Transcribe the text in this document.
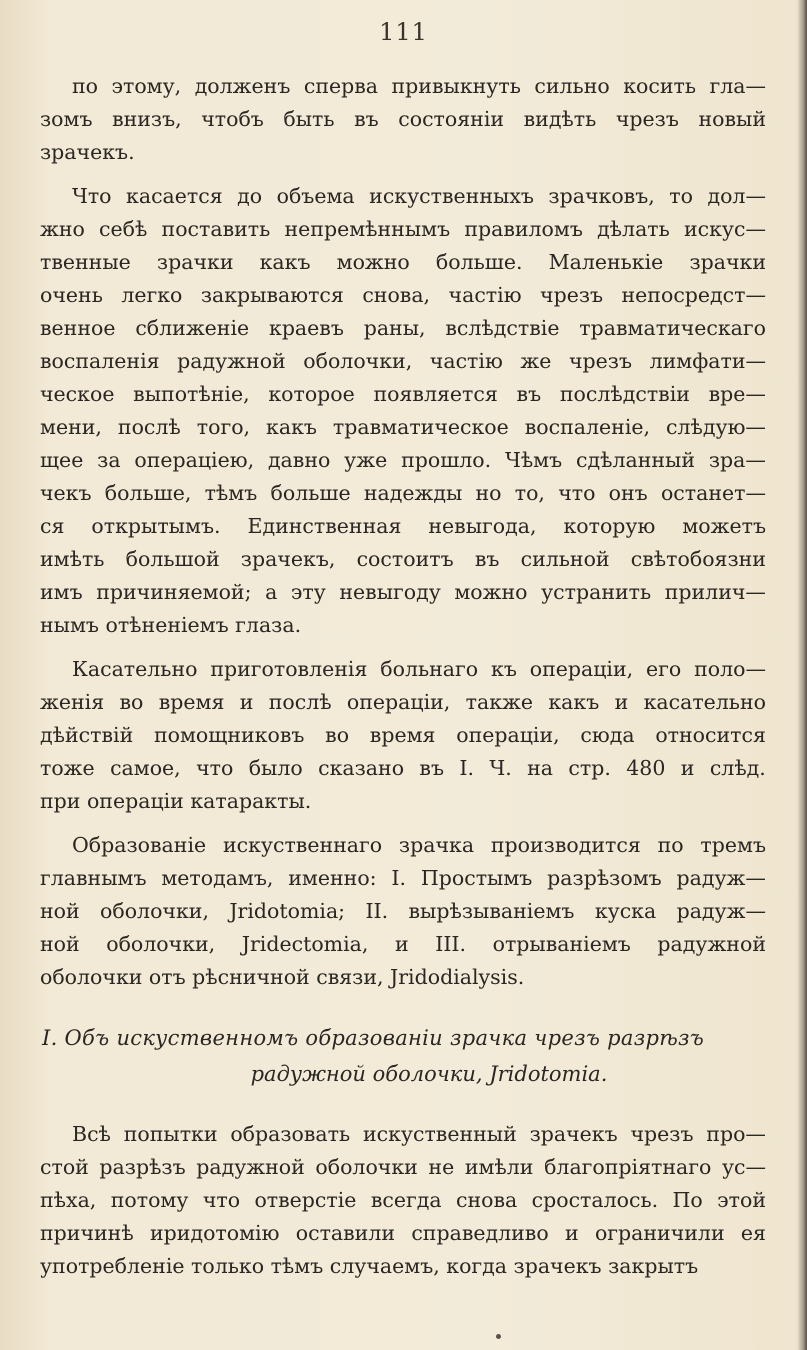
111
по этому, долженъ сперва привыкнуть сильно косить гла—
зомъ внизъ, чтобъ быть въ состоянiи видѣть чрезъ новый
зрачекъ.
Что касается до объема искуственныхъ зрачковъ, то дол—
жно себѣ поставить непремѣннымъ правиломъ дѣлать искус—
твенные зрачки какъ можно больше. Маленькiе зрачки
очень легко закрываются снова, частiю чрезъ непосредст—
венное сближенiе краевъ раны, вслѣдствiе травматическаго
воспаленiя радужной оболочки, частiю же чрезъ лимфати—
ческое выпотѣнiе, которое появляется въ послѣдствiи вре—
мени, послѣ того, какъ травматическое воспаленiе, слѣдую—
щее за операцiею, давно уже прошло. Чѣмъ сдѣланный зра—
чекъ больше, тѣмъ больше надежды но то, что онъ останет—
ся открытымъ. Единственная невыгода, которую можетъ
имѣть большой зрачекъ, состоитъ въ сильной свѣтобоязни
имъ причиняемой; а эту невыгоду можно устранить прилич—
нымъ отѣненiемъ глаза.
Касательно приготовленiя больнаго къ операцiи, его поло—
женiя во время и послѣ операцiи, также какъ и касательно
дѣйствiй помощниковъ во время операцiи, сюда относится
тоже самое, что было сказано въ I. Ч. на стр. 480 и слѣд.
при операцiи катаракты.
Образованiе искуственнаго зрачка производится по тремъ
главнымъ методамъ, именно: I. Простымъ разрѣзомъ радуж—
ной оболочки, Jridotomia; II. вырѣзыванiемъ куска радуж—
ной оболочки, Jridectomia, и III. отрыванiемъ радужной
оболочки отъ рѣсничной связи, Jridodialysis.
I. Объ искуственномъ образованiи зрачка чрезъ разрѣзъ
радужной оболочки, Jridotomia.
Всѣ попытки образовать искуственный зрачекъ чрезъ про—
стой разрѣзъ радужной оболочки не имѣли благопрiятнаго ус—
пѣха, потому что отверстiе всегда снова сросталось. По этой
причинѣ иридотомiю оставили справедливо и ограничили ея
употребленiе только тѣмъ случаемъ, когда зрачекъ закрытъ
